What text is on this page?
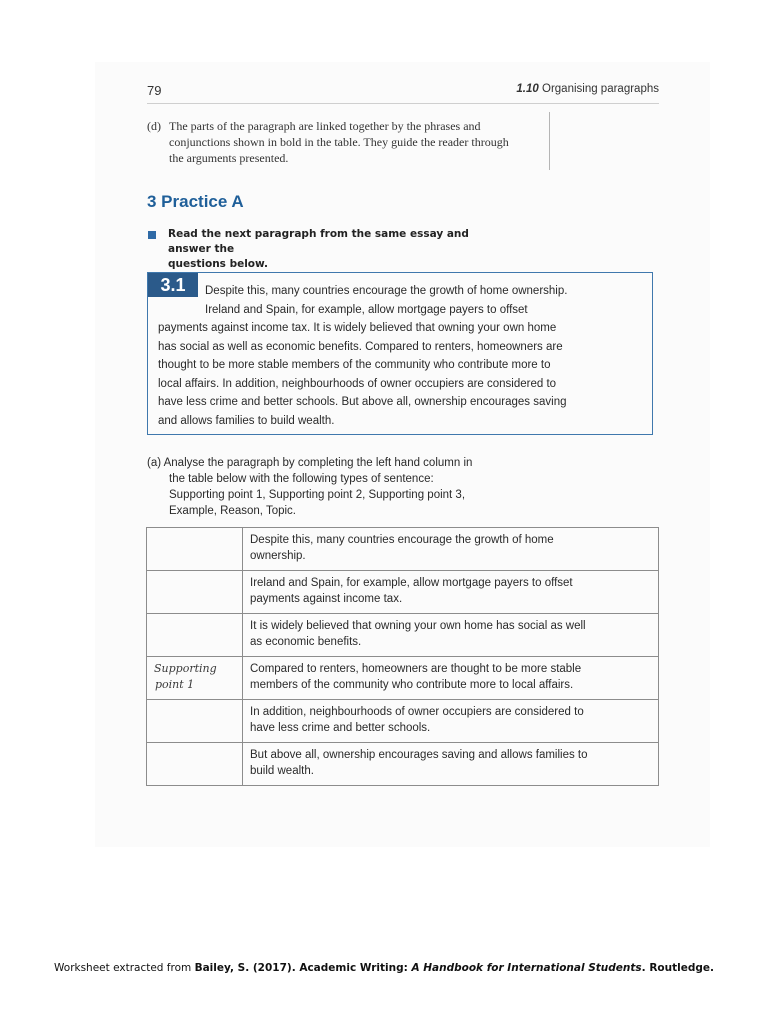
79	1.10 Organising paragraphs
(d) The parts of the paragraph are linked together by the phrases and
conjunctions shown in bold in the table. They guide the reader through
the arguments presented.
3 Practice A
Read the next paragraph from the same essay and answer the
questions below.
3.1	Despite this, many countries encourage the growth of home ownership.
Ireland and Spain, for example, allow mortgage payers to offset
payments against income tax. It is widely believed that owning your own home
has social as well as economic benefits. Compared to renters, homeowners are
thought to be more stable members of the community who contribute more to
local affairs. In addition, neighbourhoods of owner occupiers are considered to
have less crime and better schools. But above all, ownership encourages saving
and allows families to build wealth.
(a) Analyse the paragraph by completing the left hand column in
the table below with the following types of sentence:
Supporting point 1, Supporting point 2, Supporting point 3,
Example, Reason, Topic.

	Despite this, many countries encourage the growth of home
ownership.

	Ireland and Spain, for example, allow mortgage payers to offset
payments against income tax.

	It is widely believed that owning your own home has social as well
as economic benefits.

Supporting
point 1	Compared to renters, homeowners are thought to be more stable
members of the community who contribute more to local affairs.

	In addition, neighbourhoods of owner occupiers are considered to
have less crime and better schools.

	But above all, ownership encourages saving and allows families to
build wealth.
Worksheet extracted from Bailey, S. (2017). Academic Writing: A Handbook for International Students. Routledge.
